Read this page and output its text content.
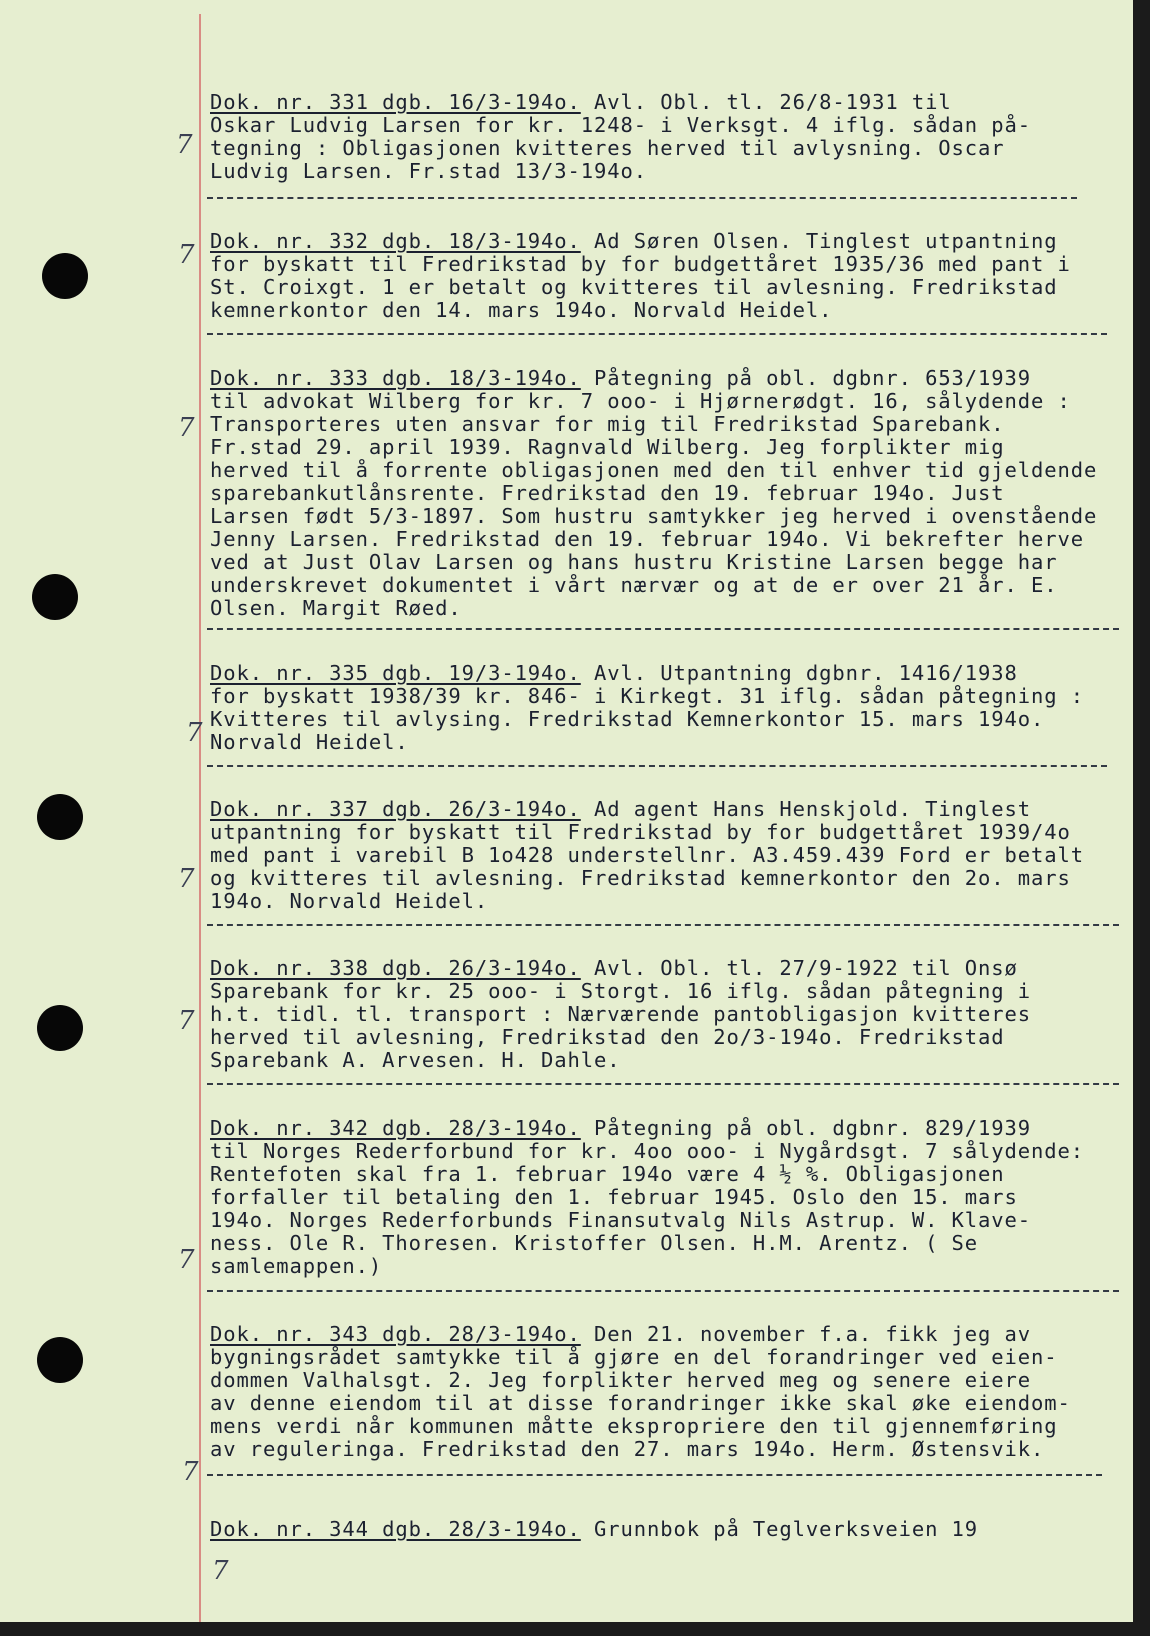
Dok. nr. 331 dgb. 16/3-194o. Avl. Obl. tl. 26/8-1931 til
Oskar Ludvig Larsen for kr. 1248- i Verksgt. 4 iflg. sådan på-
tegning : Obligasjonen kvitteres herved til avlysning. Oscar
Ludvig Larsen. Fr.stad 13/3-194o.
7
Dok. nr. 332 dgb. 18/3-194o. Ad Søren Olsen. Tinglest utpantning
for byskatt til Fredrikstad by for budgettåret 1935/36 med pant i
St. Croixgt. 1 er betalt og kvitteres til avlesning. Fredrikstad
kemnerkontor den 14. mars 194o. Norvald Heidel.
7
Dok. nr. 333 dgb. 18/3-194o. Påtegning på obl. dgbnr. 653/1939
til advokat Wilberg for kr. 7 ooo- i Hjørnerødgt. 16, sålydende :
Transporteres uten ansvar for mig til Fredrikstad Sparebank.
Fr.stad 29. april 1939. Ragnvald Wilberg. Jeg forplikter mig
herved til å forrente obligasjonen med den til enhver tid gjeldende
sparebankutlånsrente. Fredrikstad den 19. februar 194o. Just
Larsen født 5/3-1897. Som hustru samtykker jeg herved i ovenstående
Jenny Larsen. Fredrikstad den 19. februar 194o. Vi bekrefter herve
ved at Just Olav Larsen og hans hustru Kristine Larsen begge har
underskrevet dokumentet i vårt nærvær og at de er over 21 år. E.
Olsen. Margit Røed.
7
Dok. nr. 335 dgb. 19/3-194o. Avl. Utpantning dgbnr. 1416/1938
for byskatt 1938/39 kr. 846- i Kirkegt. 31 iflg. sådan påtegning :
Kvitteres til avlysing. Fredrikstad Kemnerkontor 15. mars 194o.
Norvald Heidel.
7
Dok. nr. 337 dgb. 26/3-194o. Ad agent Hans Henskjold. Tinglest
utpantning for byskatt til Fredrikstad by for budgettåret 1939/4o
med pant i varebil B 1o428 understellnr. A3.459.439 Ford er betalt
og kvitteres til avlesning. Fredrikstad kemnerkontor den 2o. mars
194o. Norvald Heidel.
7
Dok. nr. 338 dgb. 26/3-194o. Avl. Obl. tl. 27/9-1922 til Onsø
Sparebank for kr. 25 ooo- i Storgt. 16 iflg. sådan påtegning i
h.t. tidl. tl. transport : Nærværende pantobligasjon kvitteres
herved til avlesning, Fredrikstad den 2o/3-194o. Fredrikstad
Sparebank A. Arvesen. H. Dahle.
7
Dok. nr. 342 dgb. 28/3-194o. Påtegning på obl. dgbnr. 829/1939
til Norges Rederforbund for kr. 4oo ooo- i Nygårdsgt. 7 sålydende:
Rentefoten skal fra 1. februar 194o være 4 ½ %. Obligasjonen
forfaller til betaling den 1. februar 1945. Oslo den 15. mars
194o. Norges Rederforbunds Finansutvalg Nils Astrup. W. Klave-
ness. Ole R. Thoresen. Kristoffer Olsen. H.M. Arentz. ( Se
samlemappen.)
7
Dok. nr. 343 dgb. 28/3-194o. Den 21. november f.a. fikk jeg av
bygningsrådet samtykke til å gjøre en del forandringer ved eien-
dommen Valhalsgt. 2. Jeg forplikter herved meg og senere eiere
av denne eiendom til at disse forandringer ikke skal øke eiendom-
mens verdi når kommunen måtte ekspropriere den til gjennemføring
av reguleringa. Fredrikstad den 27. mars 194o. Herm. Østensvik.
7
Dok. nr. 344 dgb. 28/3-194o. Grunnbok på Teglverksveien 19
7
